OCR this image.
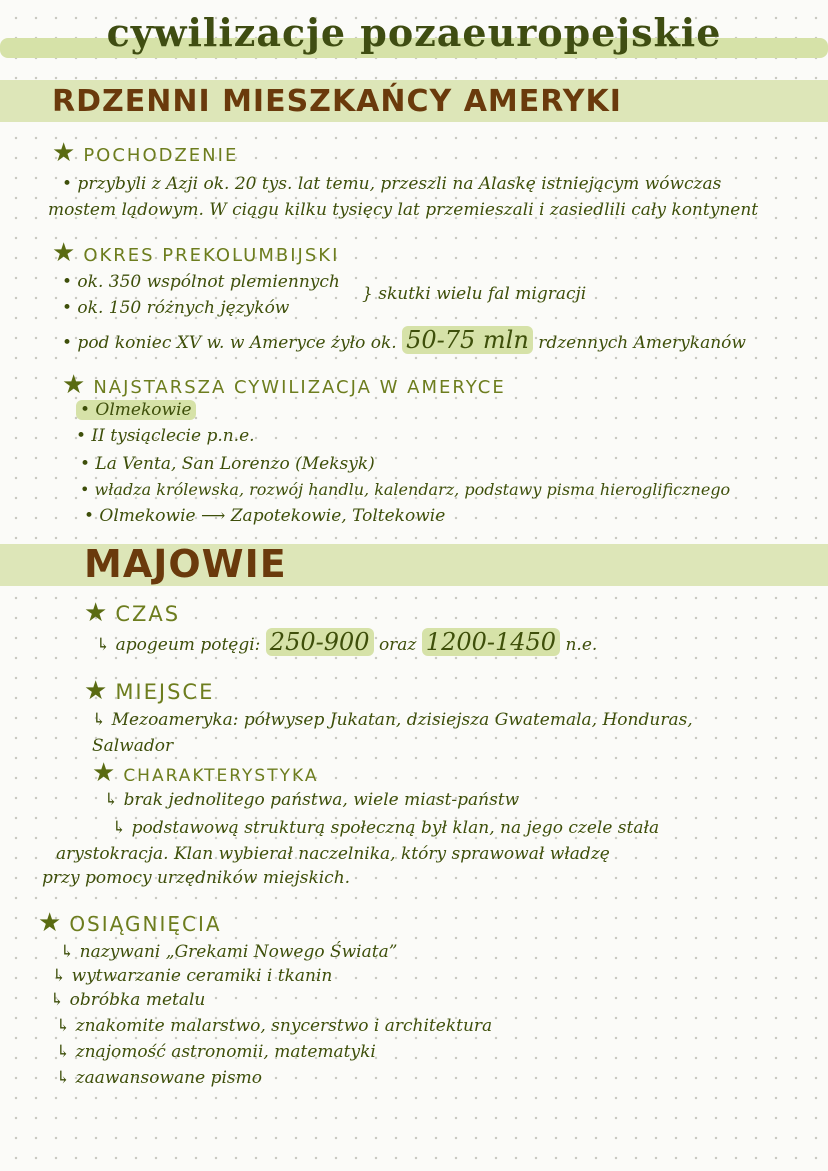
cywilizacje pozaeuropejskie
RDZENNI MIESZKAŃCY AMERYKI
★ POCHODZENIE
• przybyli z Azji ok. 20 tys. lat temu, przeszli na Alaskę istniejącym wówczas
mostem lądowym. W ciągu kilku tysięcy lat przemieszali i zasiedlili cały kontynent
★ OKRES PREKOLUMBIJSKI
• ok. 350 wspólnot plemiennych
• ok. 150 różnych języków
} skutki wielu fal migracji
• pod koniec XV w. w Ameryce żyło ok. 50-75 mln rdzennych Amerykanów
★ NAJSTARSZA CYWILIZACJA W AMERYCE
• Olmekowie
• II tysiąclecie p.n.e.
• La Venta, San Lorenzo (Meksyk)
• władza królewska, rozwój handlu, kalendarz, podstawy pisma hieroglificznego
• Olmekowie ⟶ Zapotekowie, Toltekowie
MAJOWIE
★ CZAS
↳ apogeum potęgi: 250-900 oraz 1200-1450 n.e.
★ MIEJSCE
↳ Mezoameryka: półwysep Jukatan, dzisiejsza Gwatemala, Honduras,
Salwador
★ CHARAKTERYSTYKA
↳ brak jednolitego państwa, wiele miast-państw
↳ podstawową strukturą społeczną był klan, na jego czele stała
arystokracja. Klan wybierał naczelnika, który sprawował władzę
przy pomocy urzędników miejskich.
★ OSIĄGNIĘCIA
↳ nazywani „Grekami Nowego Świata”
↳ wytwarzanie ceramiki i tkanin
↳ obróbka metalu
↳ znakomite malarstwo, snycerstwo i architektura
↳ znajomość astronomii, matematyki
↳ zaawansowane pismo
